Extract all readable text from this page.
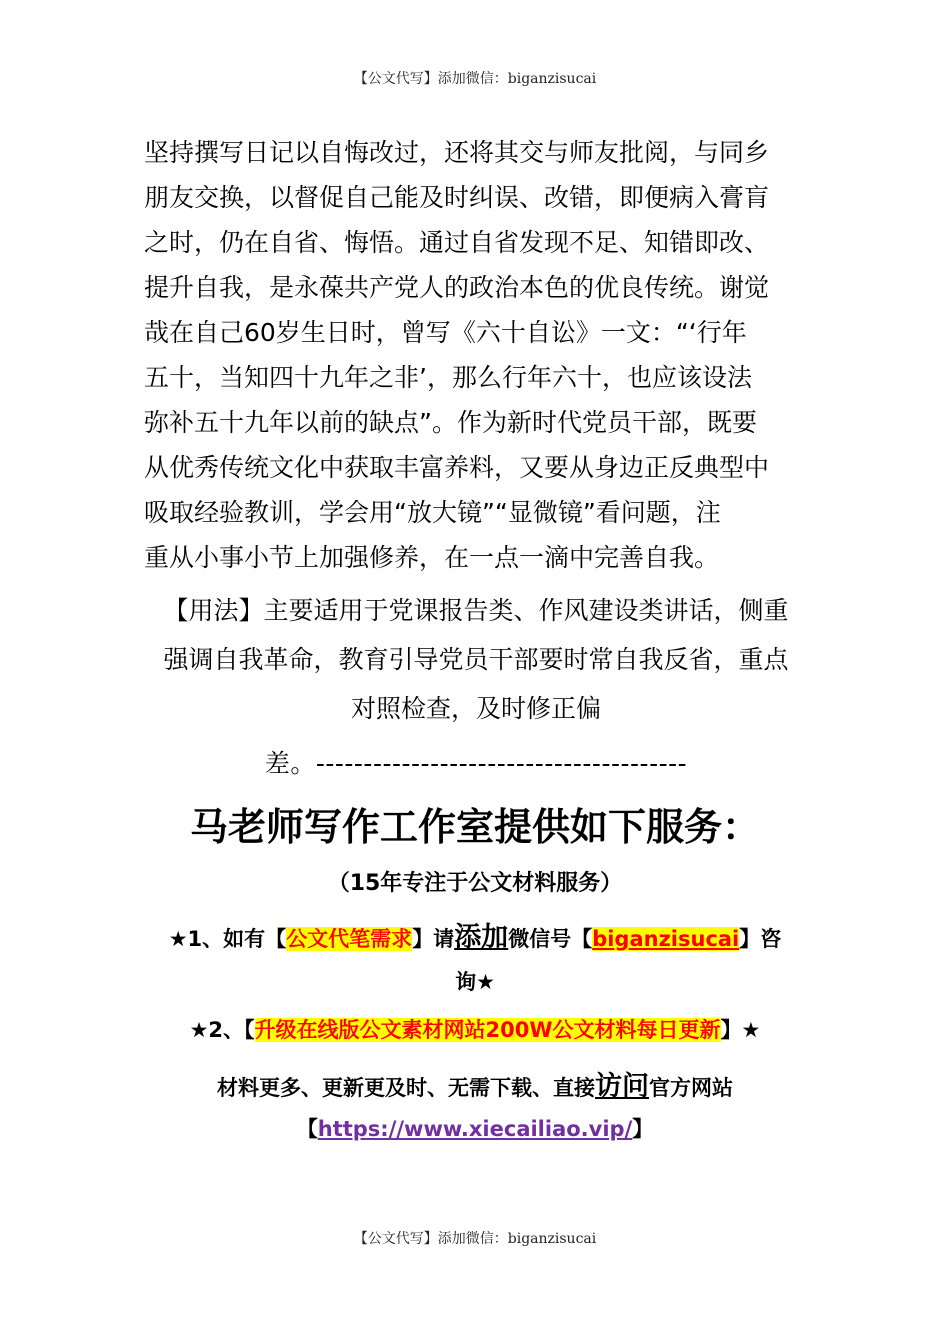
【公文代写】添加微信：biganzisucai

坚持撰写日记以自悔改过，还将其交与师友批阅，与同乡
朋友交换，以督促自己能及时纠误、改错，即便病入膏肓
之时，仍在自省、悔悟。通过自省发现不足、知错即改、
提升自我，是永葆共产党人的政治本色的优良传统。谢觉
哉在自己60岁生日时，曾写《六十自讼》一文：“‘行年
五十，当知四十九年之非’，那么行年六十，也应该设法
弥补五十九年以前的缺点”。作为新时代党员干部，既要
从优秀传统文化中获取丰富养料，又要从身边正反典型中
吸取经验教训，学会用“放大镜”“显微镜”看问题，注
重从小事小节上加强修养，在一点一滴中完善自我。

【用法】主要适用于党课报告类、作风建设类讲话，侧重
强调自我革命，教育引导党员干部要时常自我反省，重点
对照检查，及时修正偏
差。---------------------------------------

马老师写作工作室提供如下服务：

（15年专注于公文材料服务）

★1、如有【公文代笔需求】请添加微信号【biganzisucai】咨

询★

★2、【升级在线版公文素材网站200W公文材料每日更新】★

材料更多、更新更及时、无需下载、直接访问官方网站

【https://www.xiecailiao.vip/】

【公文代写】添加微信：biganzisucai
